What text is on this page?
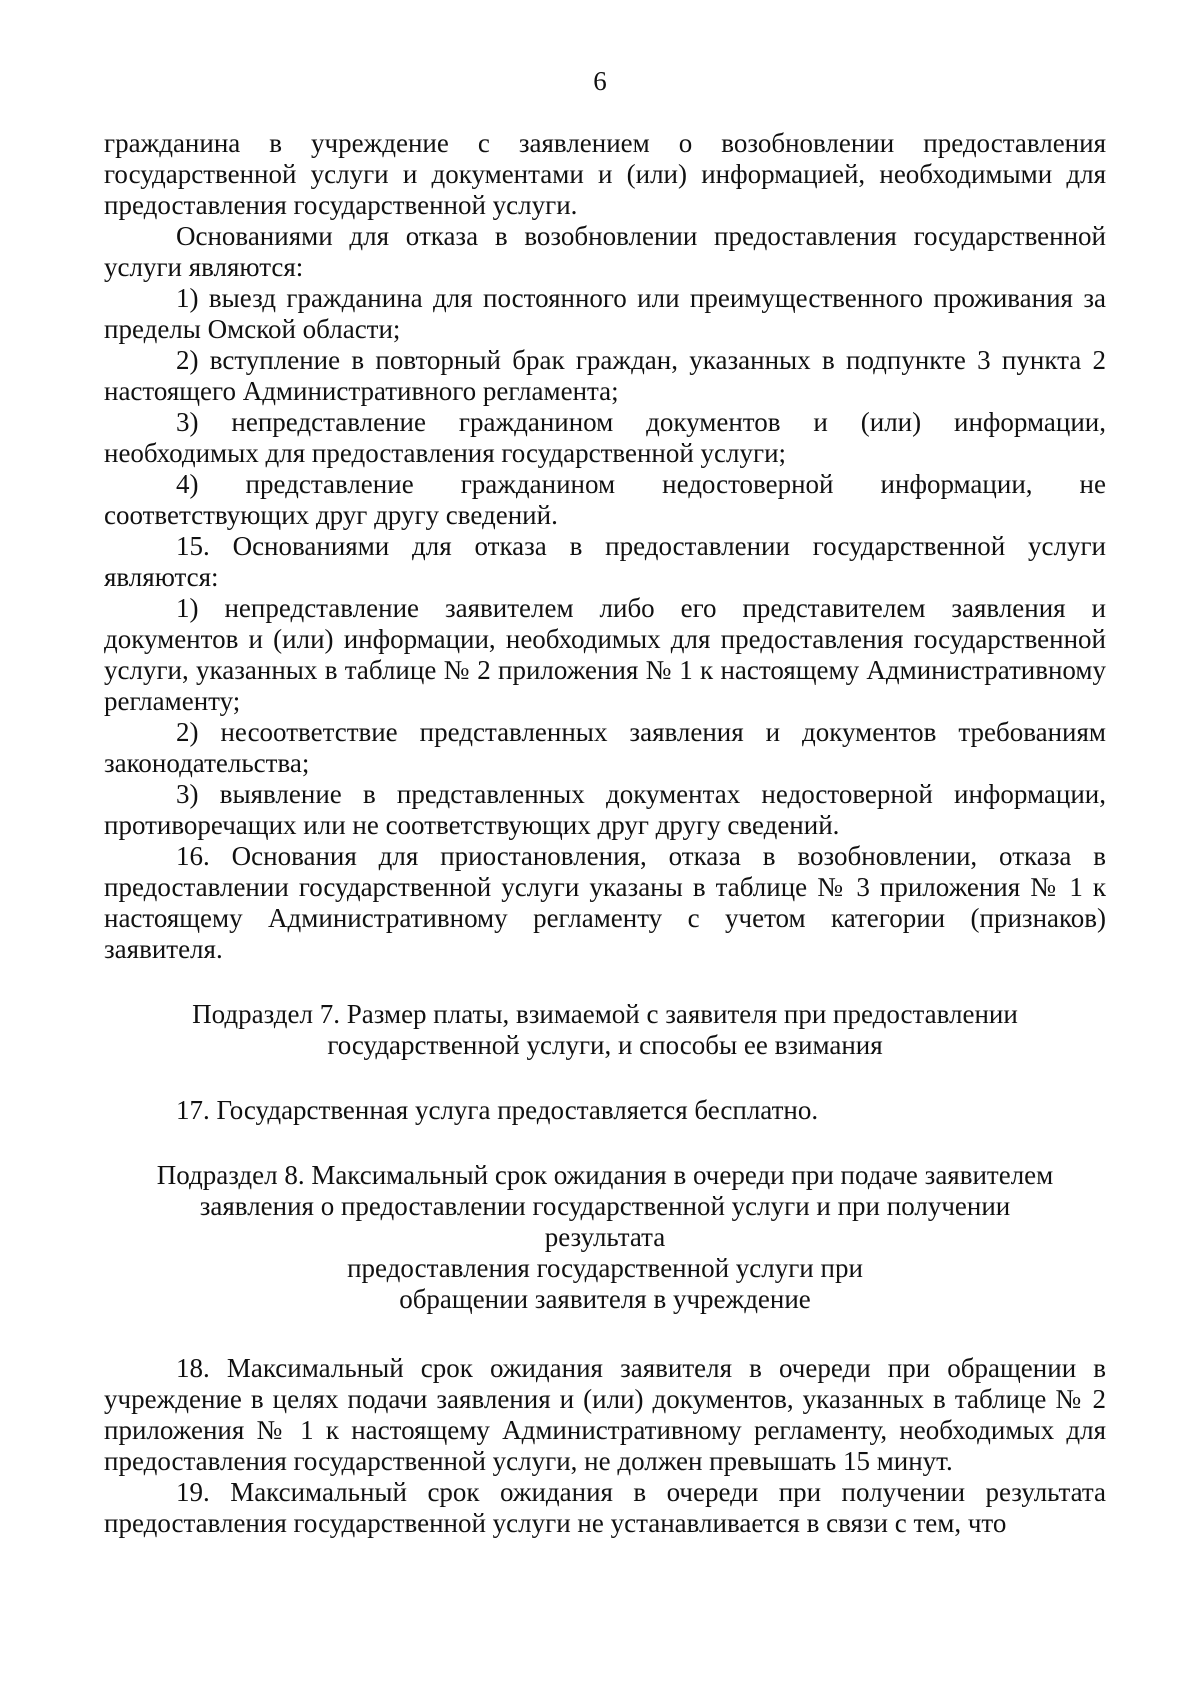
6

гражданина в учреждение с заявлением о возобновлении предоставления государственной услуги и документами и (или) информацией, необходимыми для предоставления государственной услуги.

Основаниями для отказа в возобновлении предоставления государственной услуги являются:

1) выезд гражданина для постоянного или преимущественного проживания за пределы Омской области;

2) вступление в повторный брак граждан, указанных в подпункте 3 пункта 2 настоящего Административного регламента;

3) непредставление гражданином документов и (или) информации, необходимых для предоставления государственной услуги;

4) представление гражданином недостоверной информации, не соответствующих друг другу сведений.

15. Основаниями для отказа в предоставлении государственной услуги являются:

1) непредставление заявителем либо его представителем заявления и документов и (или) информации, необходимых для предоставления государственной услуги, указанных в таблице № 2 приложения № 1 к настоящему Административному регламенту;

2) несоответствие представленных заявления и документов требованиям законодательства;

3) выявление в представленных документах недостоверной информации, противоречащих или не соответствующих друг другу сведений.

16. Основания для приостановления, отказа в возобновлении, отказа в предоставлении государственной услуги указаны в таблице № 3 приложения № 1 к настоящему Административному регламенту с учетом категории (признаков) заявителя.

Подраздел 7. Размер платы, взимаемой с заявителя при предоставлении
государственной услуги, и способы ее взимания

17. Государственная услуга предоставляется бесплатно.

Подраздел 8. Максимальный срок ожидания в очереди при подаче заявителем
заявления о предоставлении государственной услуги и при получении результата
предоставления государственной услуги при
обращении заявителя в учреждение

18. Максимальный срок ожидания заявителя в очереди при обращении в учреждение в целях подачи заявления и (или) документов, указанных в таблице № 2 приложения № 1 к настоящему Административному регламенту, необходимых для предоставления государственной услуги, не должен превышать 15 минут.

19. Максимальный срок ожидания в очереди при получении результата предоставления государственной услуги не устанавливается в связи с тем, что
